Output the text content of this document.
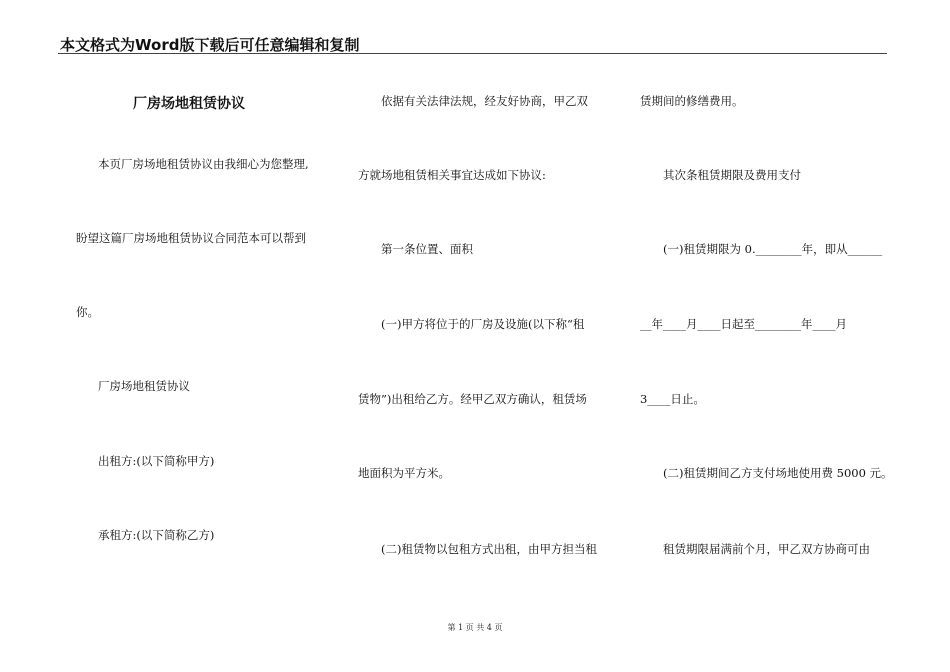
本文格式为Word版下载后可任意编辑和复制
厂房场地租赁协议
本页厂房场地租赁协议由我细心为您整理,
盼望这篇厂房场地租赁协议合同范本可以帮到
你。
厂房场地租赁协议
出租方:(以下简称甲方)
承租方:(以下简称乙方)
依据有关法律法规，经友好协商，甲乙双
方就场地租赁相关事宜达成如下协议:
第一条位置、面积
(一)甲方将位于的厂房及设施(以下称“租
赁物”)出租给乙方。经甲乙双方确认，租赁场
地面积为平方米。
(二)租赁物以包租方式出租，由甲方担当租
赁期间的修缮费用。
其次条租赁期限及费用支付
(一)租赁期限为 0.________年，即从______
__年____月____日起至________年____月
3____日止。
(二)租赁期间乙方支付场地使用费 5000 元。
租赁期限届满前个月，甲乙双方协商可由
第 1 页 共 4 页
